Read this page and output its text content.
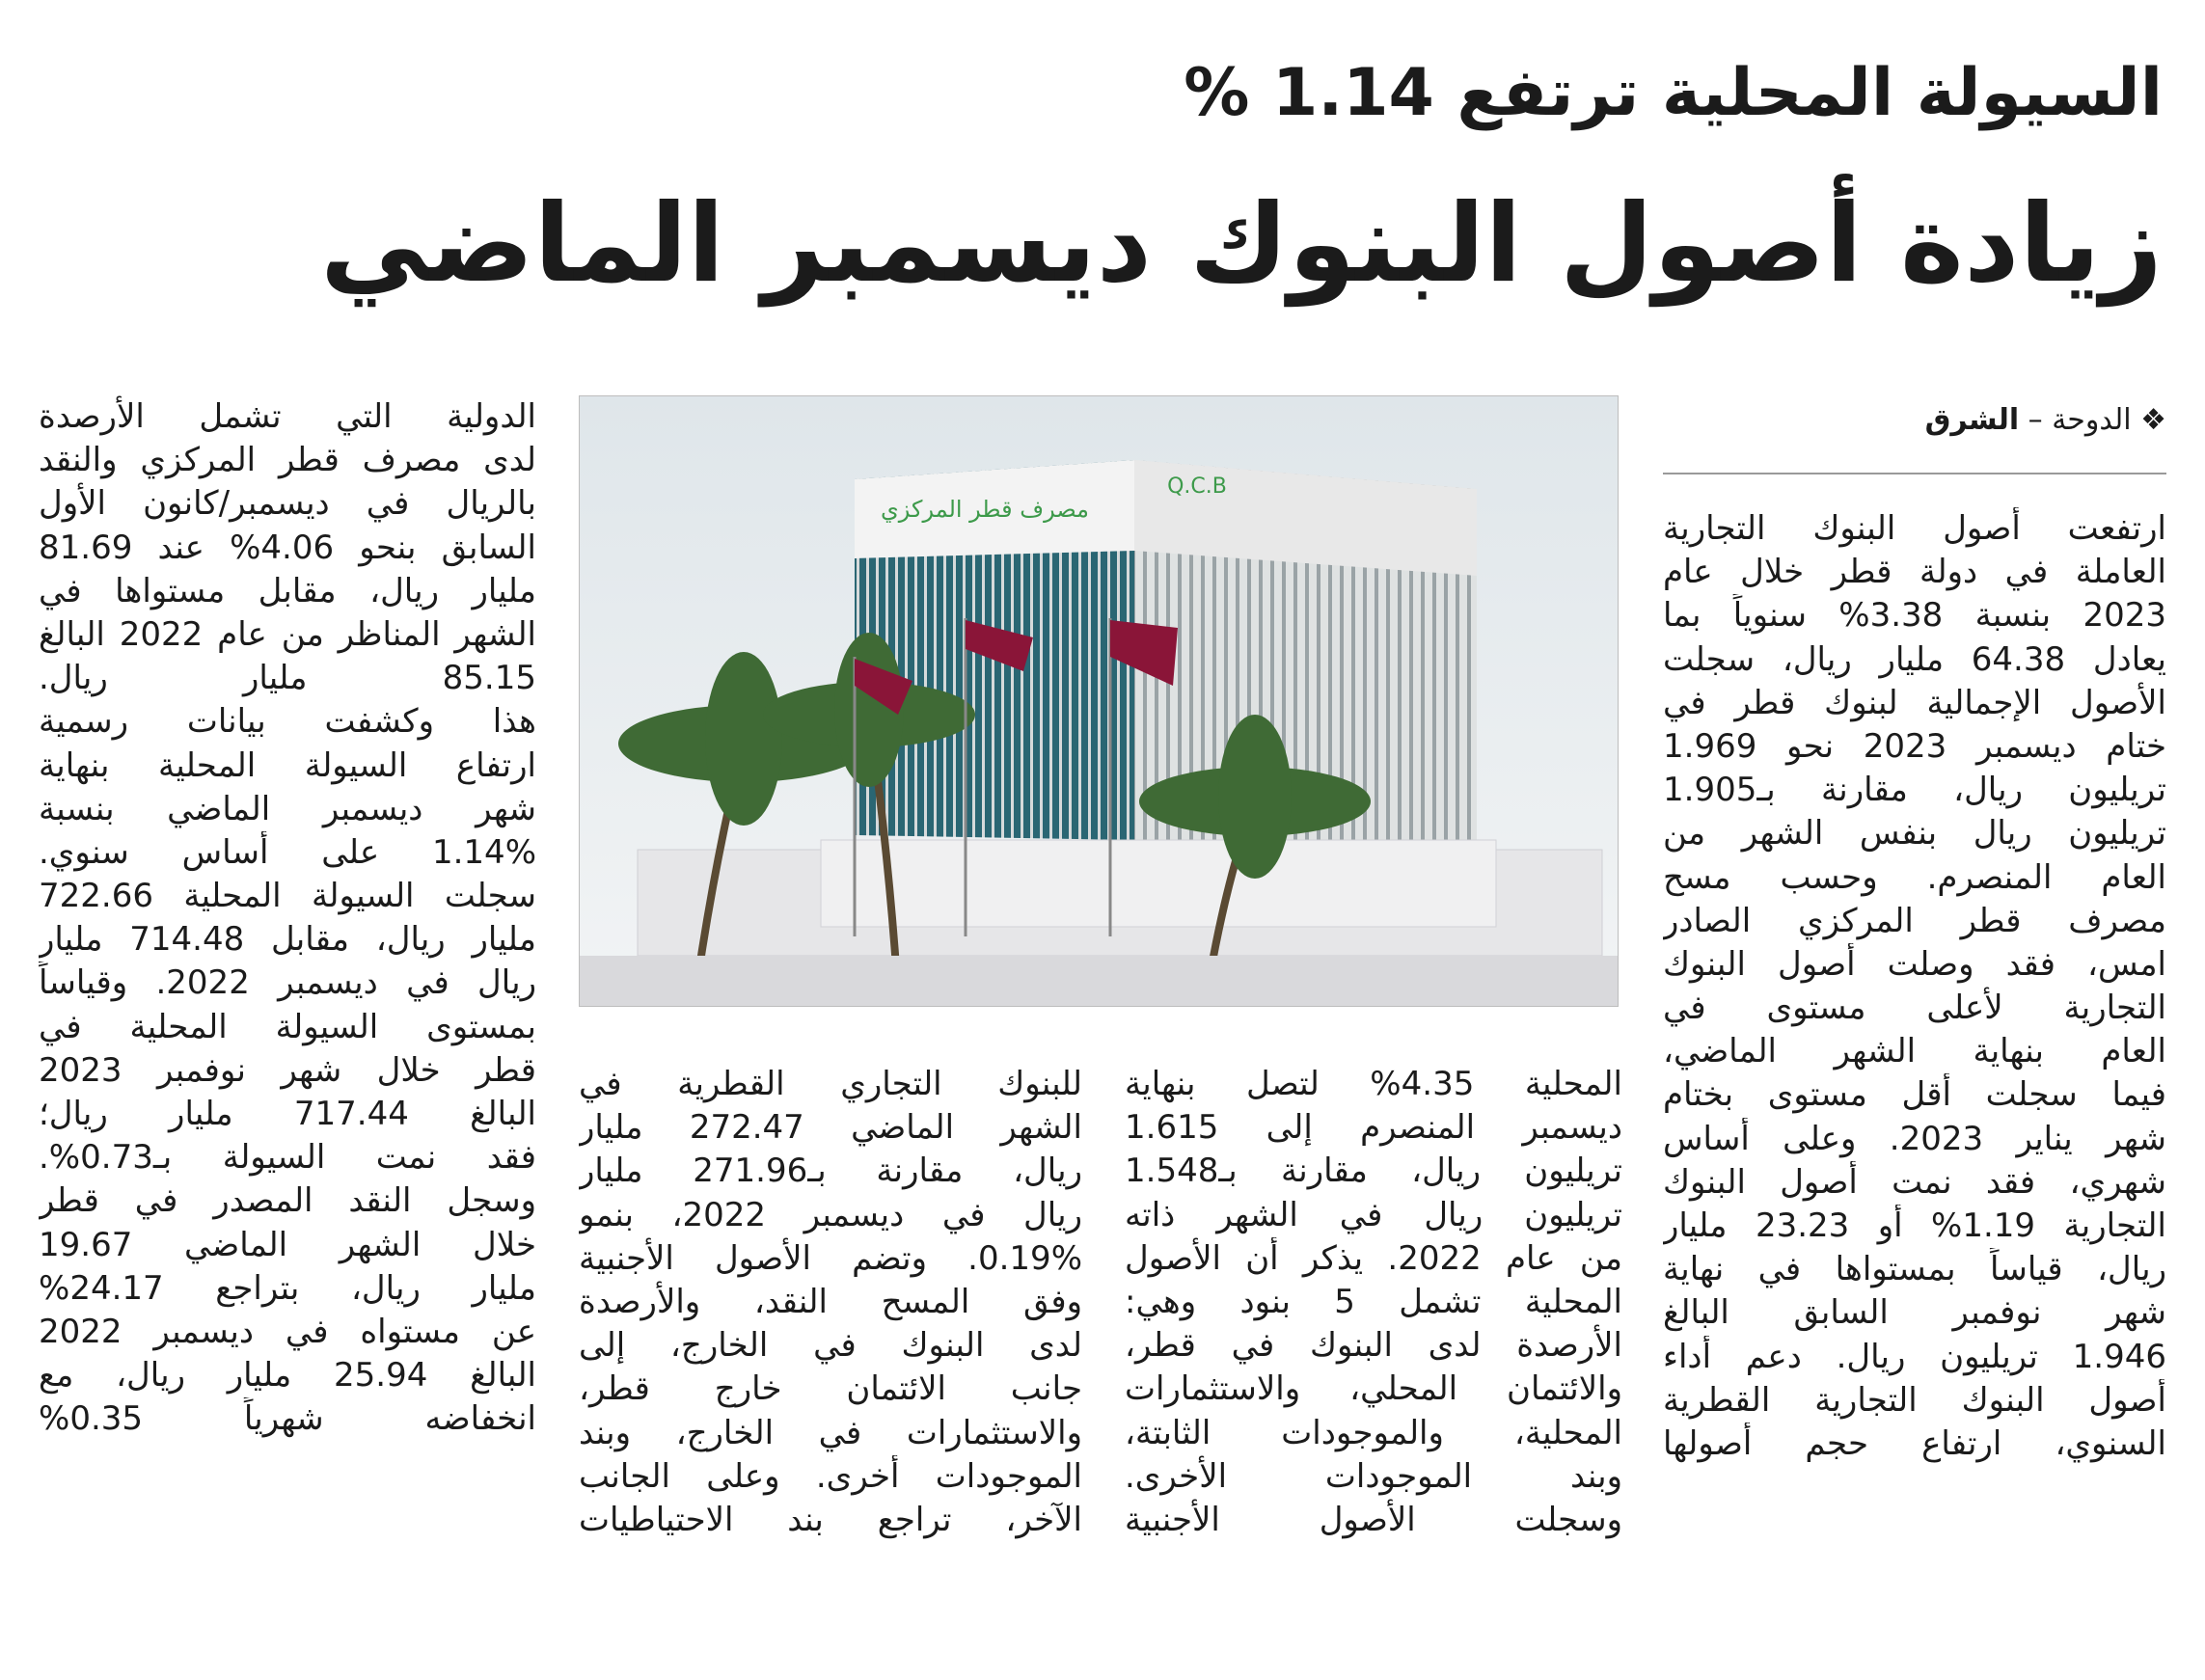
السيولة المحلية ترتفع 1.14 %
زيادة أصول البنوك ديسمبر الماضي
❖ الدوحة – الشرق
مصرف قطر المركزي
Q.C.B
ارتفعت أصول البنوك التجارية
العاملة في دولة قطر خلال عام
2023 بنسبة 3.38% سنوياً بما
يعادل 64.38 مليار ريال، سجلت
الأصول الإجمالية لبنوك قطر في
ختام ديسمبر 2023 نحو 1.969
تريليون ريال، مقارنة بـ1.905
تريليون ريال بنفس الشهر من
العام المنصرم. وحسب مسح
مصرف قطر المركزي الصادر
امس، فقد وصلت أصول البنوك
التجارية لأعلى مستوى في
العام بنهاية الشهر الماضي،
فيما سجلت أقل مستوى بختام
شهر يناير 2023. وعلى أساس
شهري، فقد نمت أصول البنوك
التجارية 1.19% أو 23.23 مليار
ريال، قياساً بمستواها في نهاية
شهر نوفمبر السابق البالغ
1.946 تريليون ريال. دعم أداء
أصول البنوك التجارية القطرية
السنوي، ارتفاع حجم أصولها
المحلية 4.35% لتصل بنهاية
ديسمبر المنصرم إلى 1.615
تريليون ريال، مقارنة بـ1.548
تريليون ريال في الشهر ذاته
من عام 2022. يذكر أن الأصول
المحلية تشمل 5 بنود وهي:
الأرصدة لدى البنوك في قطر،
والائتمان المحلي، والاستثمارات
المحلية، والموجودات الثابتة،
وبند الموجودات الأخرى.
وسجلت الأصول الأجنبية
للبنوك التجاري القطرية في
الشهر الماضي 272.47 مليار
ريال، مقارنة بـ271.96 مليار
ريال في ديسمبر 2022، بنمو
0.19%. وتضم الأصول الأجنبية
وفق المسح النقد، والأرصدة
لدى البنوك في الخارج، إلى
جانب الائتمان خارج قطر،
والاستثمارات في الخارج، وبند
الموجودات أخرى. وعلى الجانب
الآخر، تراجع بند الاحتياطيات
الدولية التي تشمل الأرصدة
لدى مصرف قطر المركزي والنقد
بالريال في ديسمبر/كانون الأول
السابق بنحو 4.06% عند 81.69
مليار ريال، مقابل مستواها في
الشهر المناظر من عام 2022 البالغ
85.15 مليار ريال.
هذا وكشفت بيانات رسمية
ارتفاع السيولة المحلية بنهاية
شهر ديسمبر الماضي بنسبة
1.14% على أساس سنوي.
سجلت السيولة المحلية 722.66
مليار ريال، مقابل 714.48 مليار
ريال في ديسمبر 2022. وقياساً
بمستوى السيولة المحلية في
قطر خلال شهر نوفمبر 2023
البالغ 717.44 مليار ريال؛
فقد نمت السيولة بـ0.73%.
وسجل النقد المصدر في قطر
خلال الشهر الماضي 19.67
مليار ريال، بتراجع 24.17%
عن مستواه في ديسمبر 2022
البالغ 25.94 مليار ريال، مع
انخفاضه شهرياً 0.35%
